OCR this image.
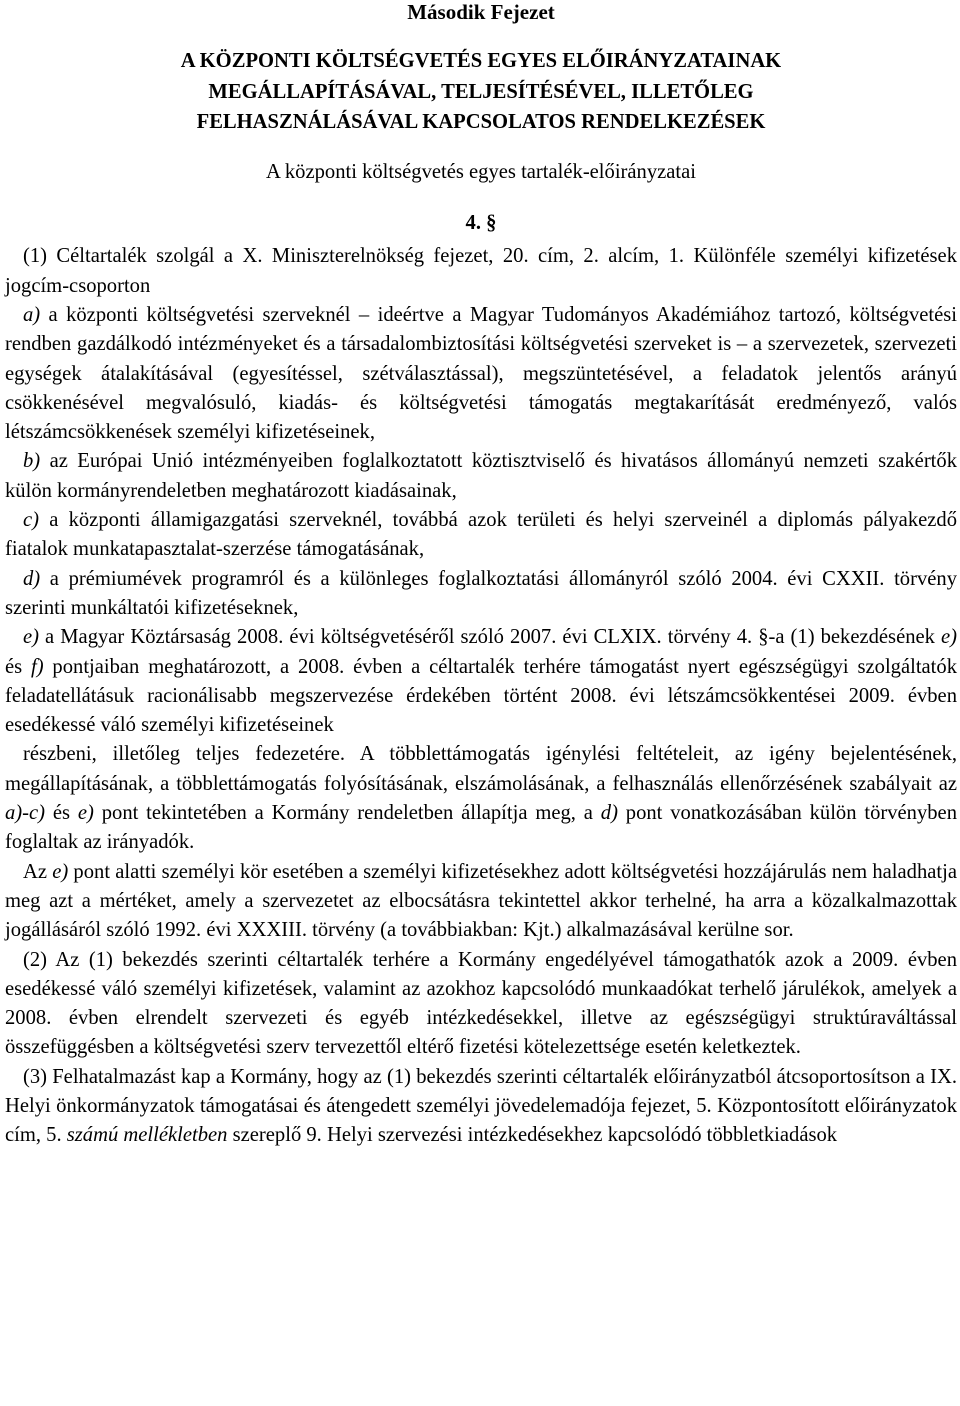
Második Fejezet
A KÖZPONTI KÖLTSÉGVETÉS EGYES ELŐIRÁNYZATAINAK
MEGÁLLAPÍTÁSÁVAL, TELJESÍTÉSÉVEL, ILLETŐLEG
FELHASZNÁLÁSÁVAL KAPCSOLATOS RENDELKEZÉSEK
A központi költségvetés egyes tartalék-előirányzatai
4. §

(1) Céltartalék szolgál a X. Miniszterelnökség fejezet, 20. cím, 2. alcím, 1. Különféle személyi kifizetések jogcím-csoporton

a) a központi költségvetési szerveknél – ideértve a Magyar Tudományos Akadémiához tartozó, költségvetési rendben gazdálkodó intézményeket és a társadalombiztosítási költségvetési szerveket is – a szervezetek, szervezeti egységek átalakításával (egyesítéssel, szétválasztással), megszüntetésével, a feladatok jelentős arányú csökkenésével megvalósuló, kiadás- és költségvetési támogatás megtakarítását eredményező, valós létszámcsökkenések személyi kifizetéseinek,

b) az Európai Unió intézményeiben foglalkoztatott köztisztviselő és hivatásos állományú nemzeti szakértők külön kormányrendeletben meghatározott kiadásainak,

c) a központi államigazgatási szerveknél, továbbá azok területi és helyi szerveinél a diplomás pályakezdő fiatalok munkatapasztalat-szerzése támogatásának,

d) a prémiumévek programról és a különleges foglalkoztatási állományról szóló 2004. évi CXXII. törvény szerinti munkáltatói kifizetéseknek,

e) a Magyar Köztársaság 2008. évi költségvetéséről szóló 2007. évi CLXIX. törvény 4. §-a (1) bekezdésének e) és f) pontjaiban meghatározott, a 2008. évben a céltartalék terhére támogatást nyert egészségügyi szolgáltatók feladatellátásuk racionálisabb megszervezése érdekében történt 2008. évi létszámcsökkentései 2009. évben esedékessé váló személyi kifizetéseinek

részbeni, illetőleg teljes fedezetére. A többlettámogatás igénylési feltételeit, az igény bejelentésének, megállapításának, a többlettámogatás folyósításának, elszámolásának, a felhasználás ellenőrzésének szabályait az a)-c) és e) pont tekintetében a Kormány rendeletben állapítja meg, a d) pont vonatkozásában külön törvényben foglaltak az irányadók.

Az e) pont alatti személyi kör esetében a személyi kifizetésekhez adott költségvetési hozzájárulás nem haladhatja meg azt a mértéket, amely a szervezetet az elbocsátásra tekintettel akkor terhelné, ha arra a közalkalmazottak jogállásáról szóló 1992. évi XXXIII. törvény (a továbbiakban: Kjt.) alkalmazásával kerülne sor.

(2) Az (1) bekezdés szerinti céltartalék terhére a Kormány engedélyével támogathatók azok a 2009. évben esedékessé váló személyi kifizetések, valamint az azokhoz kapcsolódó munkaadókat terhelő járulékok, amelyek a 2008. évben elrendelt szervezeti és egyéb intézkedésekkel, illetve az egészségügyi struktúraváltással összefüggésben a költségvetési szerv tervezettől eltérő fizetési kötelezettsége esetén keletkeztek.

(3) Felhatalmazást kap a Kormány, hogy az (1) bekezdés szerinti céltartalék előirányzatból átcsoportosítson a IX. Helyi önkormányzatok támogatásai és átengedett személyi jövedelemadója fejezet, 5. Központosított előirányzatok cím, 5. számú mellékletben szereplő 9. Helyi szervezési intézkedésekhez kapcsolódó többletkiadások
